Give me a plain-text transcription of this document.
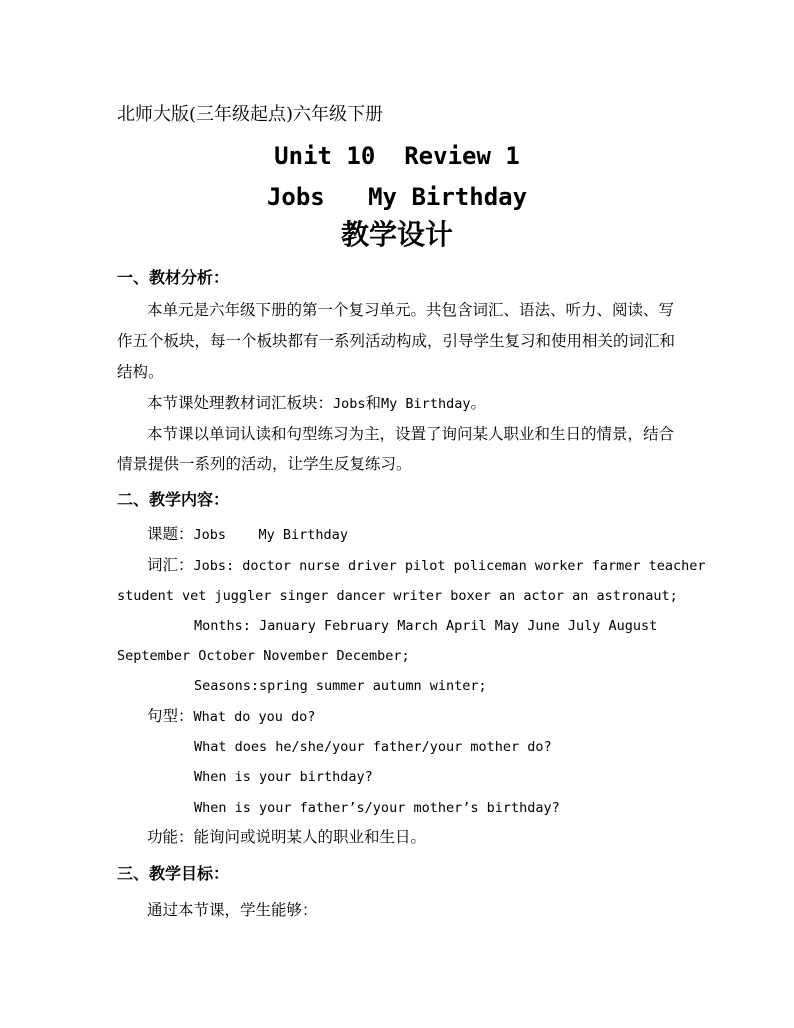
北师大版(三年级起点)六年级下册
Unit 10  Review 1
Jobs   My Birthday
教学设计
一、教材分析：
本单元是六年级下册的第一个复习单元。共包含词汇、语法、听力、阅读、写
作五个板块，每一个板块都有一系列活动构成，引导学生复习和使用相关的词汇和
结构。
本节课处理教材词汇板块：Jobs和My Birthday。
本节课以单词认读和句型练习为主，设置了询问某人职业和生日的情景，结合
情景提供一系列的活动，让学生反复练习。
二、教学内容：
课题：Jobs    My Birthday
词汇：Jobs: doctor nurse driver pilot policeman worker farmer teacher
student vet juggler singer dancer writer boxer an actor an astronaut;
Months: January February March April May June July August
September October November December;
Seasons:spring summer autumn winter;
句型：What do you do?
What does he/she/your father/your mother do?
When is your birthday?
When is your father’s/your mother’s birthday?
功能：能询问或说明某人的职业和生日。
三、教学目标：
通过本节课，学生能够：
